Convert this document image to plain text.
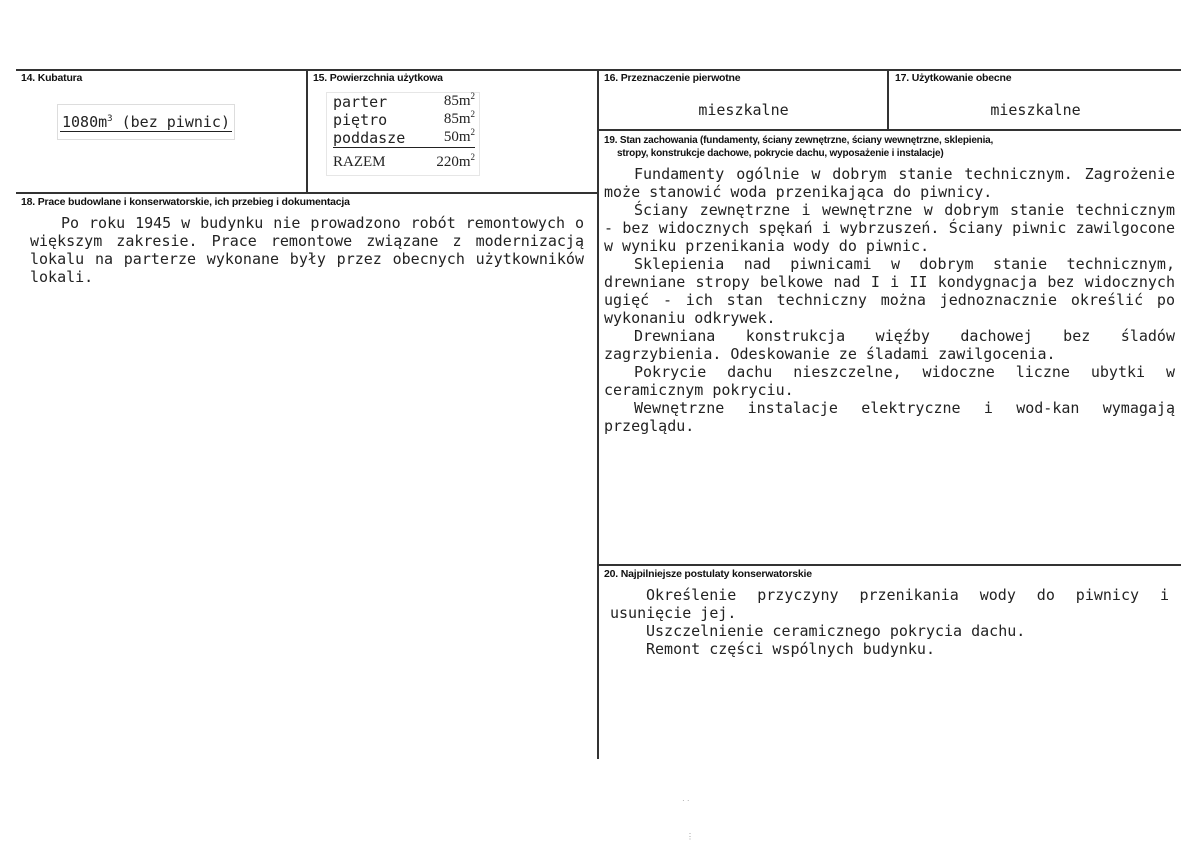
14. Kubatura
$1080m^3$ (bez piwnic)
15. Powierzchnia użytkowa
parter	$85m^2$
piętro	$85m^2$
poddasze	$50m^2$
RAZEM	$220m^2$
16. Przeznaczenie pierwotne
mieszkalne
17. Użytkowanie obecne
mieszkalne
18. Prace budowlane i konserwatorskie, ich przebieg i dokumentacja

Po roku 1945 w budynku nie prowadzono robót remontowych o większym zakresie. Prace remontowe związane z modernizacją lokalu na parterze wykonane były przez obecnych użytkowników lokali.

19. Stan zachowania (fundamenty, ściany zewnętrzne, ściany wewnętrzne, sklepienia,
stropy, konstrukcje dachowe, pokrycie dachu, wyposażenie i instalacje)

Fundamenty ogólnie w dobrym stanie technicznym. Zagrożenie może stanowić woda przenikająca do piwnicy.

Ściany zewnętrzne i wewnętrzne w dobrym stanie technicznym - bez widocznych spękań i wybrzuszeń. Ściany piwnic zawilgocone w wyniku przenikania wody do piwnic.

Sklepienia nad piwnicami w dobrym stanie technicznym, drewniane stropy belkowe nad I i II kondygnacja bez widocznych ugięć - ich stan techniczny można jednoznacznie określić po wykonaniu odkrywek.

Drewniana konstrukcja więźby dachowej bez śladów zagrzybienia. Odeskowanie ze śladami zawilgocenia.

Pokrycie dachu nieszczelne, widoczne liczne ubytki w ceramicznym pokryciu.

Wewnętrzne instalacje elektryczne i wod-kan wymagają przeglądu.

20. Najpilniejsze postulaty konserwatorskie

Określenie przyczyny przenikania wody do piwnicy i usunięcie jej.

Uszczelnienie ceramicznego pokrycia dachu.

Remont części wspólnych budynku.

· ·
⋮
